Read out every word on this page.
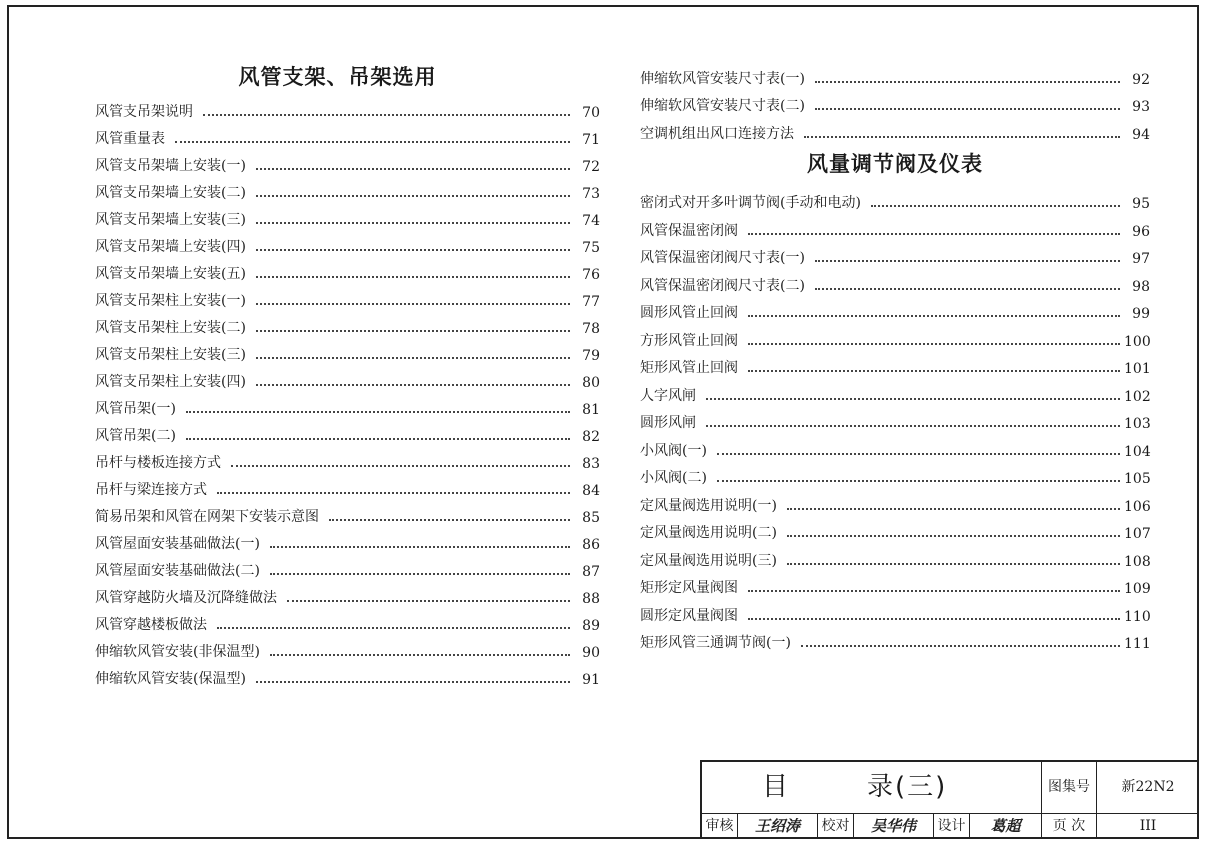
风管支架、吊架选用
风管支吊架说明	70
风管重量表	71
风管支吊架墙上安装(一)	72
风管支吊架墙上安装(二)	73
风管支吊架墙上安装(三)	74
风管支吊架墙上安装(四)	75
风管支吊架墙上安装(五)	76
风管支吊架柱上安装(一)	77
风管支吊架柱上安装(二)	78
风管支吊架柱上安装(三)	79
风管支吊架柱上安装(四)	80
风管吊架(一)	81
风管吊架(二)	82
吊杆与楼板连接方式	83
吊杆与梁连接方式	84
简易吊架和风管在网架下安装示意图	85
风管屋面安装基础做法(一)	86
风管屋面安装基础做法(二)	87
风管穿越防火墙及沉降缝做法	88
风管穿越楼板做法	89
伸缩软风管安装(非保温型)	90
伸缩软风管安装(保温型)	91
伸缩软风管安装尺寸表(一)	92
伸缩软风管安装尺寸表(二)	93
空调机组出风口连接方法	94
风量调节阀及仪表
密闭式对开多叶调节阀(手动和电动)	95
风管保温密闭阀	96
风管保温密闭阀尺寸表(一)	97
风管保温密闭阀尺寸表(二)	98
圆形风管止回阀	99
方形风管止回阀	100
矩形风管止回阀	101
人字风闸	102
圆形风闸	103
小风阀(一)	104
小风阀(二)	105
定风量阀选用说明(一)	106
定风量阀选用说明(二)	107
定风量阀选用说明(三)	108
矩形定风量阀图	109
圆形定风量阀图	110
矩形风管三通调节阀(一)	111
目	录(三)	图集号	新22N2
审核	王绍涛	校对	吴华伟	设计	葛超	页 次	III
